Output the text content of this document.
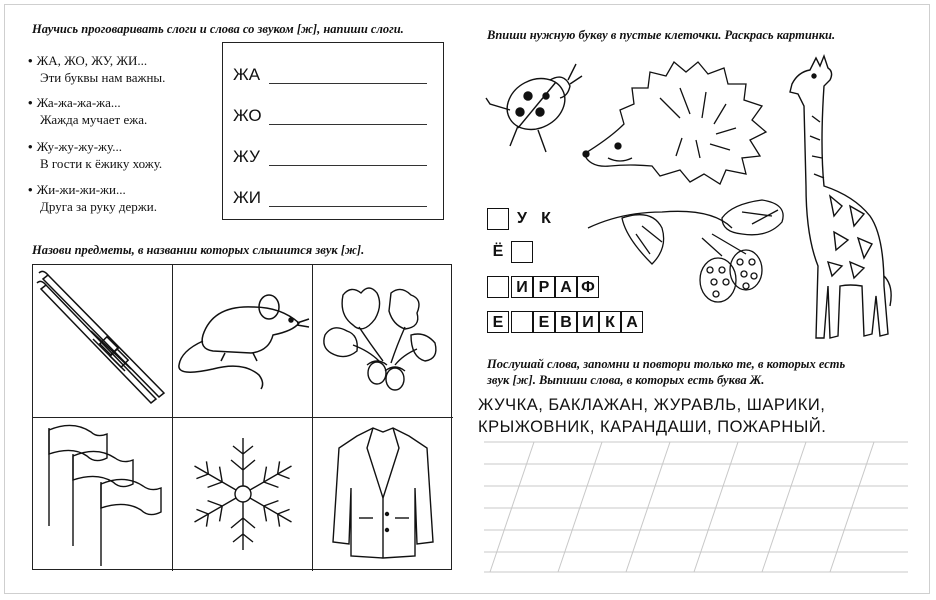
Научись проговаривать слоги и слова со звуком [ж], напиши слоги.
• ЖА, ЖО, ЖУ, ЖИ...
Эти буквы нам важны.
• Жа-жа-жа-жа...
Жажда мучает ежа.
• Жу-жу-жу-жу...
В гости к ёжику хожу.
• Жи-жи-жи-жи...
Друга за руку держи.
ЖА
ЖО
ЖУ
ЖИ
Назови предметы, в названии которых слышится звук [ж].
Впиши нужную букву в пустые клеточки. Раскрась картинки.
У К
Ё
И Р А Ф
Е	Е В И К А
Послушай слова, запомни и повтори только те, в которых есть
звук [ж]. Выпиши слова, в которых есть буква Ж.
ЖУЧКА, БАКЛАЖАН, ЖУРАВЛЬ, ШАРИКИ,
КРЫЖОВНИК, КАРАНДАШИ, ПОЖАРНЫЙ.
